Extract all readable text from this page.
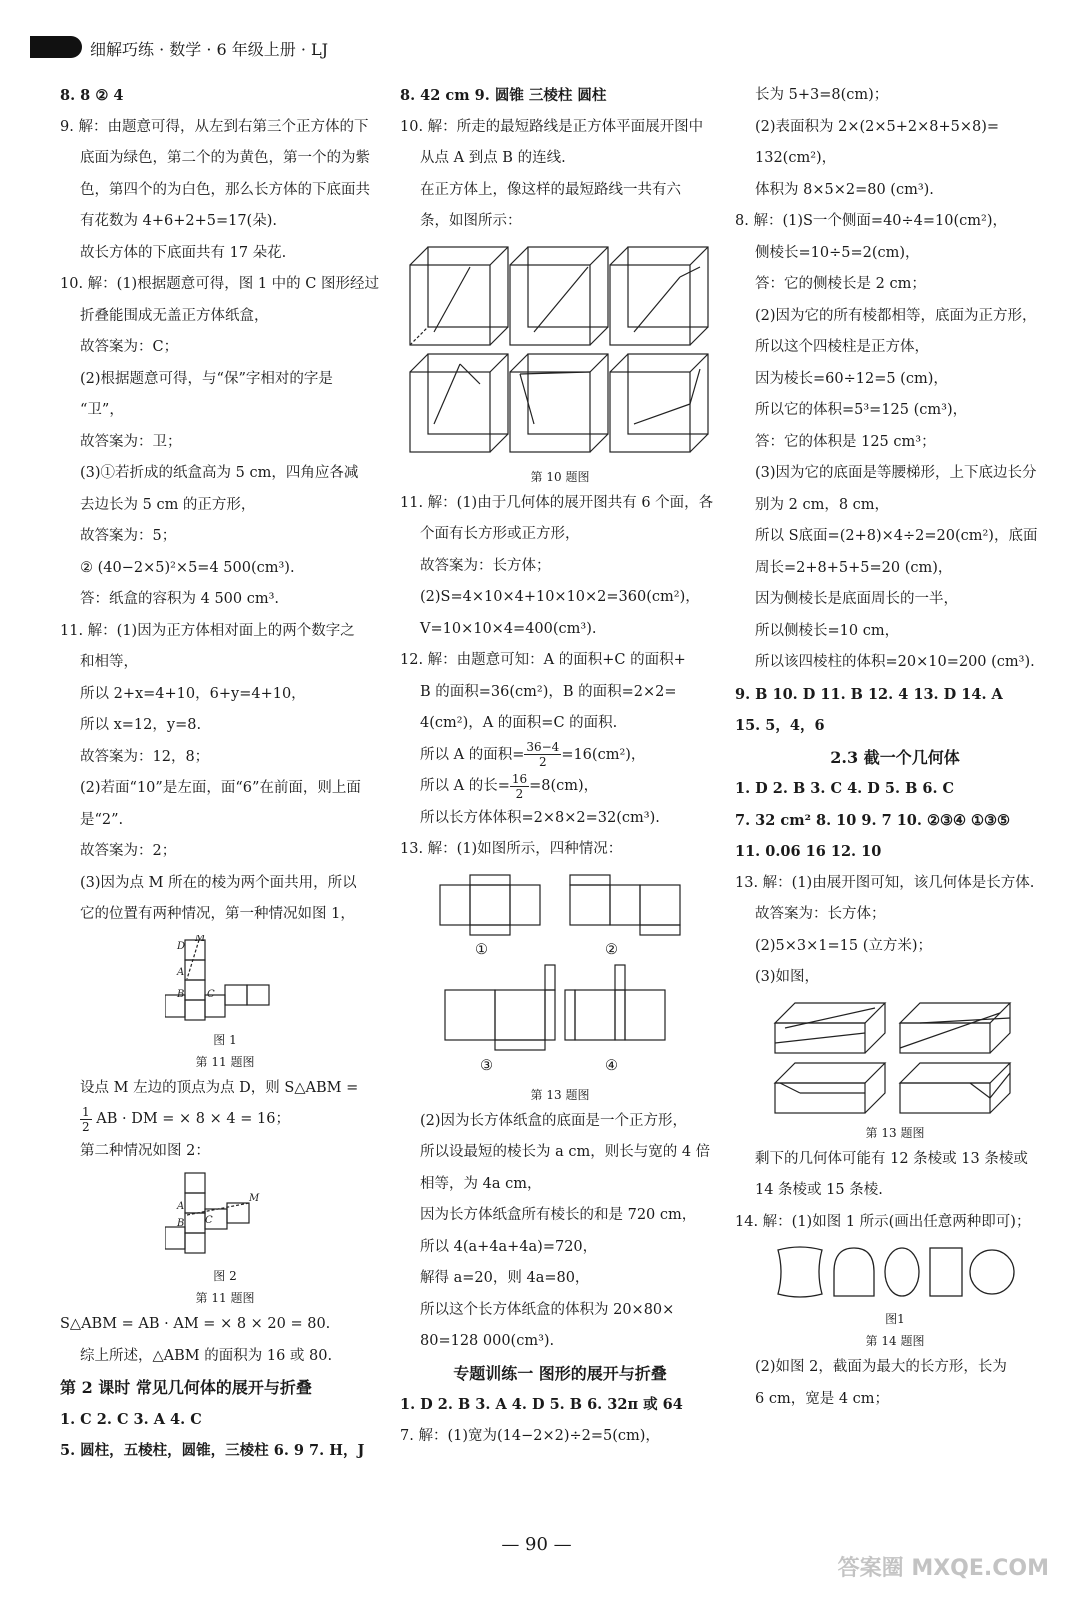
细解巧练 · 数学 · 6 年级上册 · LJ
8. 8 ② 4
9. 解：由题意可得，从左到右第三个正方体的下
底面为绿色，第二个的为黄色，第一个的为紫
色，第四个的为白色，那么长方体的下底面共
有花数为 4+6+2+5=17(朵).
故长方体的下底面共有 17 朵花.
10. 解：(1)根据题意可得，图 1 中的 C 图形经过
折叠能围成无盖正方体纸盒，
故答案为：C；
(2)根据题意可得，与“保”字相对的字是
“卫”，
故答案为：卫；
(3)①若折成的纸盒高为 5 cm，四角应各减
去边长为 5 cm 的正方形，
故答案为：5；
② (40−2×5)²×5=4 500(cm³).
答：纸盒的容积为 4 500 cm³.
11. 解：(1)因为正方体相对面上的两个数字之
和相等，
所以 2+x=4+10，6+y=4+10，
所以 x=12，y=8.
故答案为：12，8；
(2)若面“10”是左面，面“6”在前面，则上面
是“2”.
故答案为：2；
(3)因为点 M 所在的棱为两个面共用，所以
它的位置有两种情况，第一种情况如图 1，
D
M
A
B C
图 1
第 11 题图
设点 M 左边的顶点为点 D，则 S△ABM =
$\frac{1}{2}$ AB · DM = × 8 × 4 = 16；
第二种情况如图 2：
A
B C
M
图 2
第 11 题图
S△ABM = AB · AM = × 8 × 20 = 80.
综上所述，△ABM 的面积为 16 或 80.
第 2 课时 常见几何体的展开与折叠
1. C 2. C 3. A 4. C
5. 圆柱，五棱柱，圆锥，三棱柱 6. 9 7. H，J
8. 42 cm 9. 圆锥 三棱柱 圆柱
10. 解：所走的最短路线是正方体平面展开图中
从点 A 到点 B 的连线.
在正方体上，像这样的最短路线一共有六
条，如图所示：
第 10 题图
11. 解：(1)由于几何体的展开图共有 6 个面，各
个面有长方形或正方形，
故答案为：长方体；
(2)S=4×10×4+10×10×2=360(cm²)，
V=10×10×4=400(cm³).
12. 解：由题意可知：A 的面积+C 的面积+
B 的面积=36(cm²)，B 的面积=2×2=
4(cm²)，A 的面积=C 的面积.
所以 A 的面积= $\frac{36-4}{2} =16(cm^2)$，
所以 A 的长= $\frac{16}{2} =8(cm)$，
所以长方体体积=2×8×2=32(cm³).
13. 解：(1)如图所示，四种情况：
①	②
③	④
第 13 题图
(2)因为长方体纸盒的底面是一个正方形，
所以设最短的棱长为 a cm，则长与宽的 4 倍
相等，为 4a cm，
因为长方体纸盒所有棱长的和是 720 cm，
所以 4(a+4a+4a)=720，
解得 a=20，则 4a=80，
所以这个长方体纸盒的体积为 20×80×
80=128 000(cm³).
专题训练一 图形的展开与折叠
1. D 2. B 3. A 4. D 5. B 6. 32π 或 64
7. 解：(1)宽为(14−2×2)÷2=5(cm)，
长为 5+3=8(cm)；
(2)表面积为 2×(2×5+2×8+5×8)=
132(cm²)，
体积为 8×5×2=80 (cm³).
8. 解：(1)S一个侧面=40÷4=10(cm²)，
侧棱长=10÷5=2(cm)，
答：它的侧棱长是 2 cm；
(2)因为它的所有棱都相等，底面为正方形，
所以这个四棱柱是正方体，
因为棱长=60÷12=5 (cm)，
所以它的体积=5³=125 (cm³)，
答：它的体积是 125 cm³；
(3)因为它的底面是等腰梯形，上下底边长分
别为 2 cm，8 cm，
所以 S底面=(2+8)×4÷2=20(cm²)，底面
周长=2+8+5+5=20 (cm)，
因为侧棱长是底面周长的一半，
所以侧棱长=10 cm，
所以该四棱柱的体积=20×10=200 (cm³).
9. B 10. D 11. B 12. 4 13. D 14. A
15. 5，4，6
2.3 截一个几何体
1. D 2. B 3. C 4. D 5. B 6. C
7. 32 cm² 8. 10 9. 7 10. ②③④ ①③⑤
11. 0.06 16 12. 10
13. 解：(1)由展开图可知，该几何体是长方体.
故答案为：长方体；
(2)5×3×1=15 (立方米)；
(3)如图，
第 13 题图
剩下的几何体可能有 12 条棱或 13 条棱或
14 条棱或 15 条棱.
14. 解：(1)如图 1 所示(画出任意两种即可)；
图1
第 14 题图
(2)如图 2，截面为最大的长方形，长为
6 cm，宽是 4 cm；
— 90 —
答案圈 MXQE.COM
